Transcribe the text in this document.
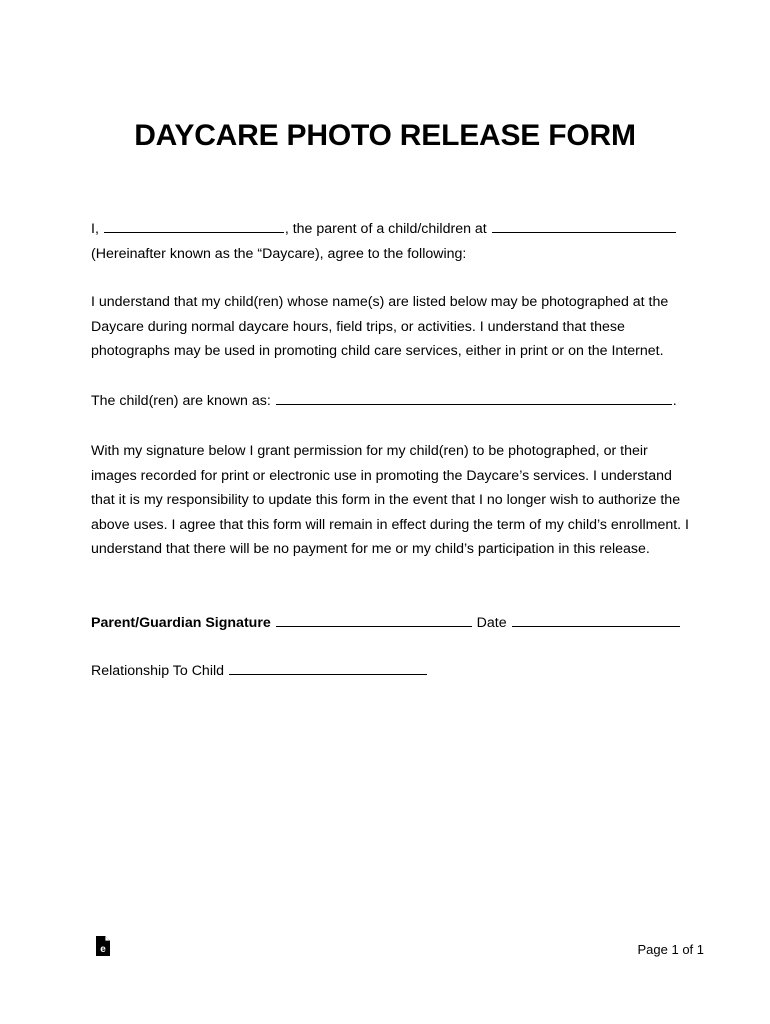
DAYCARE PHOTO RELEASE FORM
I,	, the parent of a child/children at
(Hereinafter known as the “Daycare), agree to the following:
I understand that my child(ren) whose name(s) are listed below may be photographed at the
Daycare during normal daycare hours, field trips, or activities. I understand that these
photographs may be used in promoting child care services, either in print or on the Internet.
The child(ren) are known as:	.
With my signature below I grant permission for my child(ren) to be photographed, or their
images recorded for print or electronic use in promoting the Daycare’s services. I understand
that it is my responsibility to update this form in the event that I no longer wish to authorize the
above uses. I agree that this form will remain in effect during the term of my child’s enrollment. I
understand that there will be no payment for me or my child’s participation in this release.
Parent/Guardian Signature	Date
Relationship To Child
e	Page 1 of 1
